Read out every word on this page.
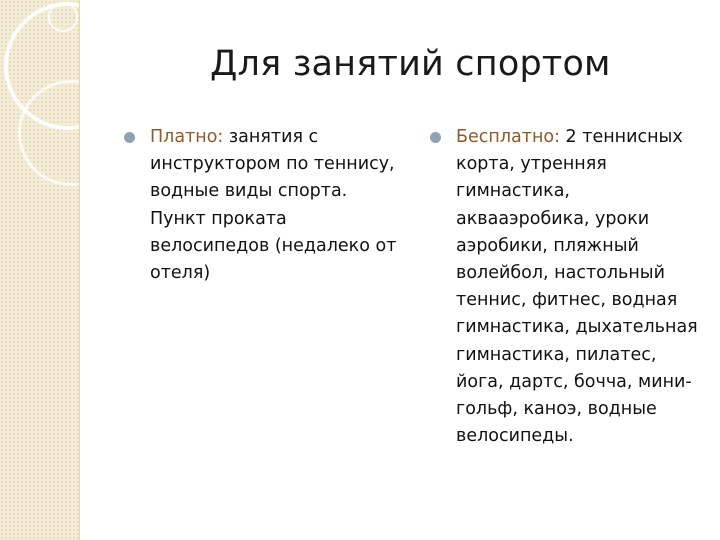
Для занятий спортом
Платно: занятия с инструктором по теннису, водные виды спорта. Пункт проката велосипедов (недалеко от отеля)
Бесплатно: 2 теннисных корта, утренняя гимнастика, аквааэробика, уроки аэробики, пляжный волейбол, настольный теннис, фитнес, водная гимнастика, дыхательная гимнастика, пилатес, йога, дартс, бочча, мини-гольф, каноэ, водные велосипеды.
